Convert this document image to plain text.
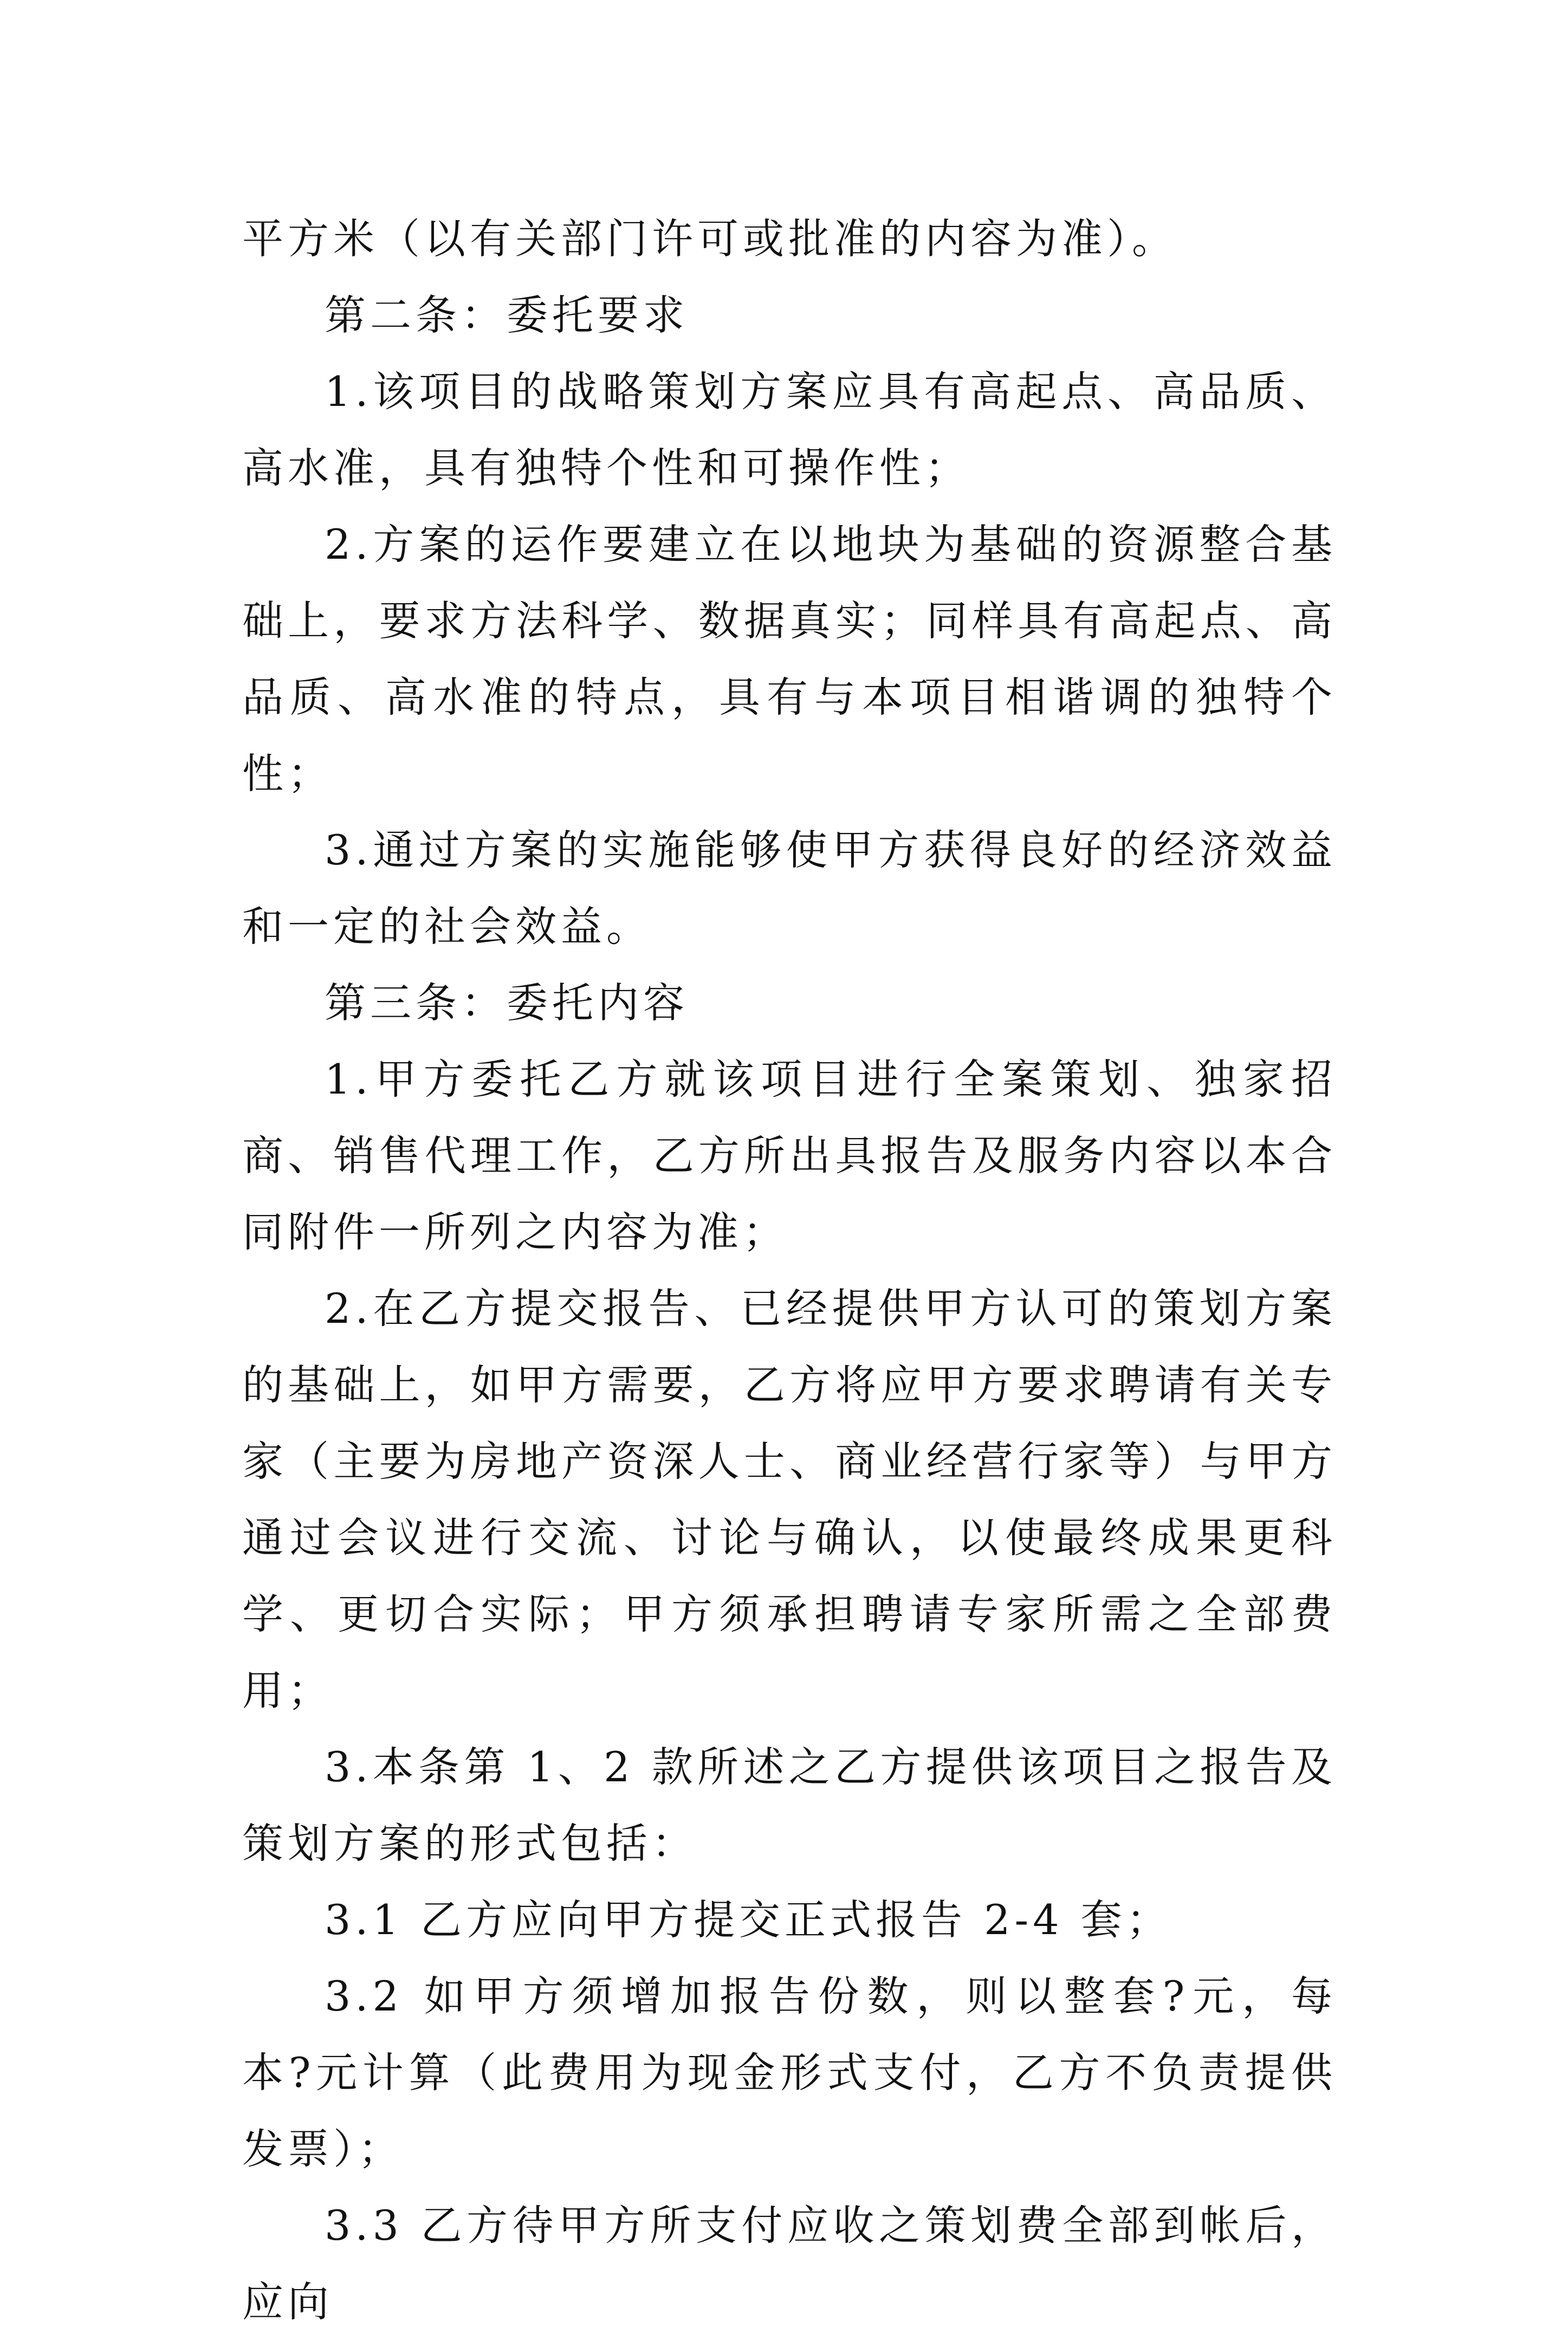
平方米（以有关部门许可或批准的内容为准）。

第二条：委托要求

1.该项目的战略策划方案应具有高起点、高品质、高水准，具有独特个性和可操作性；

2.方案的运作要建立在以地块为基础的资源整合基础上，要求方法科学、数据真实；同样具有高起点、高品质、高水准的特点，具有与本项目相谐调的独特个性；

3.通过方案的实施能够使甲方获得良好的经济效益和一定的社会效益。

第三条：委托内容

1.甲方委托乙方就该项目进行全案策划、独家招商、销售代理工作，乙方所出具报告及服务内容以本合同附件一所列之内容为准；

2.在乙方提交报告、已经提供甲方认可的策划方案的基础上，如甲方需要，乙方将应甲方要求聘请有关专家（主要为房地产资深人士、商业经营行家等）与甲方通过会议进行交流、讨论与确认，以使最终成果更科学、更切合实际；甲方须承担聘请专家所需之全部费用；

3.本条第 1、2 款所述之乙方提供该项目之报告及策划方案的形式包括：

3.1 乙方应向甲方提交正式报告 2-4 套；

3.2 如甲方须增加报告份数，则以整套?元，每本?元计算（此费用为现金形式支付，乙方不负责提供发票）；

3.3 乙方待甲方所支付应收之策划费全部到帐后，应向
